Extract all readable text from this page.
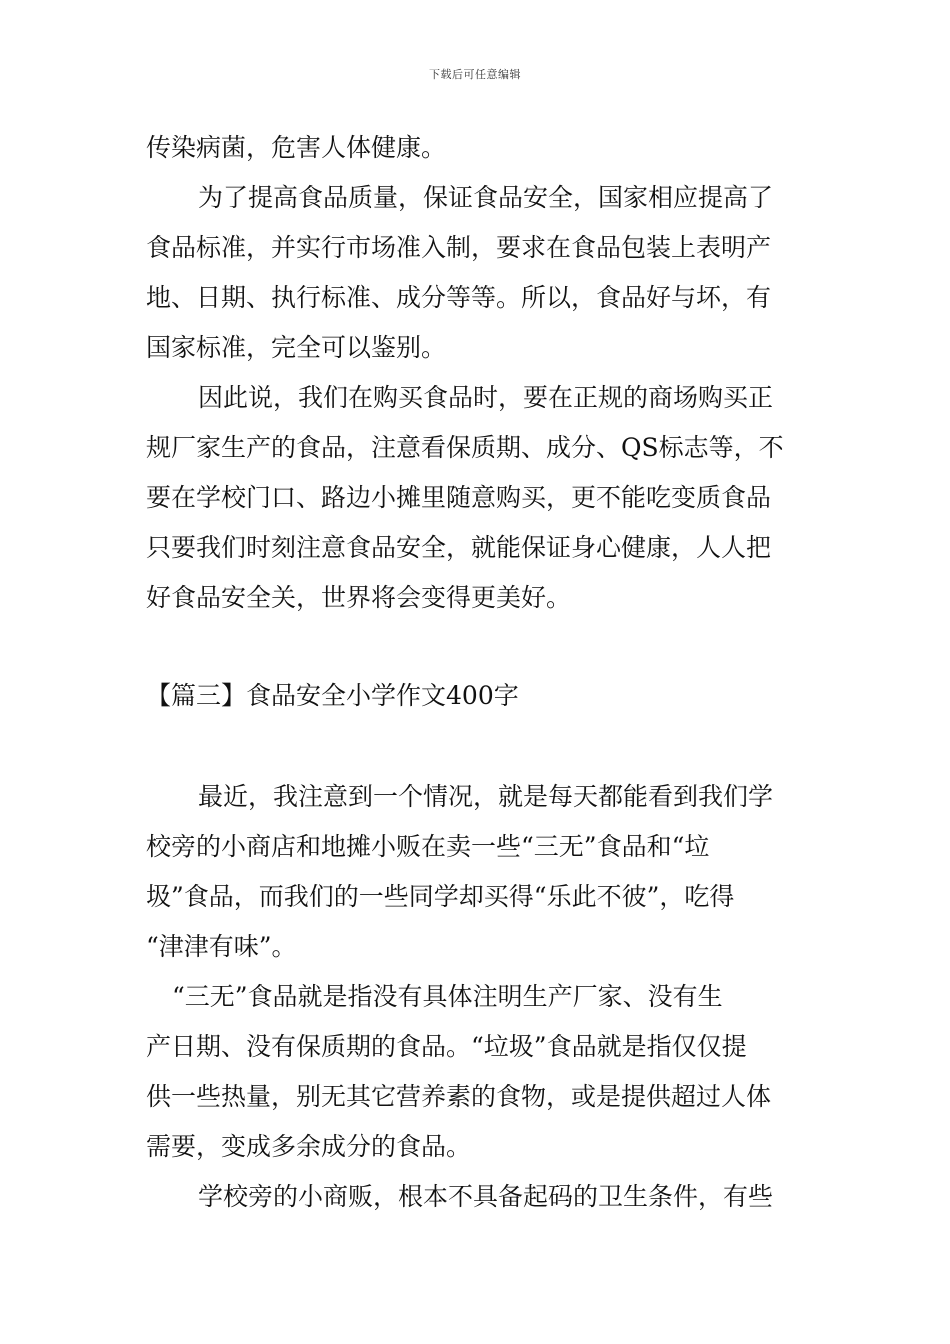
下载后可任意编辑
传染病菌，危害人体健康。
为了提高食品质量，保证食品安全，国家相应提高了
食品标准，并实行市场准入制，要求在食品包装上表明产
地、日期、执行标准、成分等等。所以，食品好与坏，有
国家标准，完全可以鉴别。
因此说，我们在购买食品时，要在正规的商场购买正
规厂家生产的食品，注意看保质期、成分、QS标志等，不
要在学校门口、路边小摊里随意购买，更不能吃变质食品
只要我们时刻注意食品安全，就能保证身心健康，人人把
好食品安全关，世界将会变得更美好。
【篇三】食品安全小学作文400字
最近，我注意到一个情况，就是每天都能看到我们学
校旁的小商店和地摊小贩在卖一些“三无”食品和“垃
圾”食品，而我们的一些同学却买得“乐此不彼”，吃得
“津津有味”。
“三无”食品就是指没有具体注明生产厂家、没有生
产日期、没有保质期的食品。“垃圾”食品就是指仅仅提
供一些热量，别无其它营养素的食物，或是提供超过人体
需要，变成多余成分的食品。
学校旁的小商贩，根本不具备起码的卫生条件，有些
